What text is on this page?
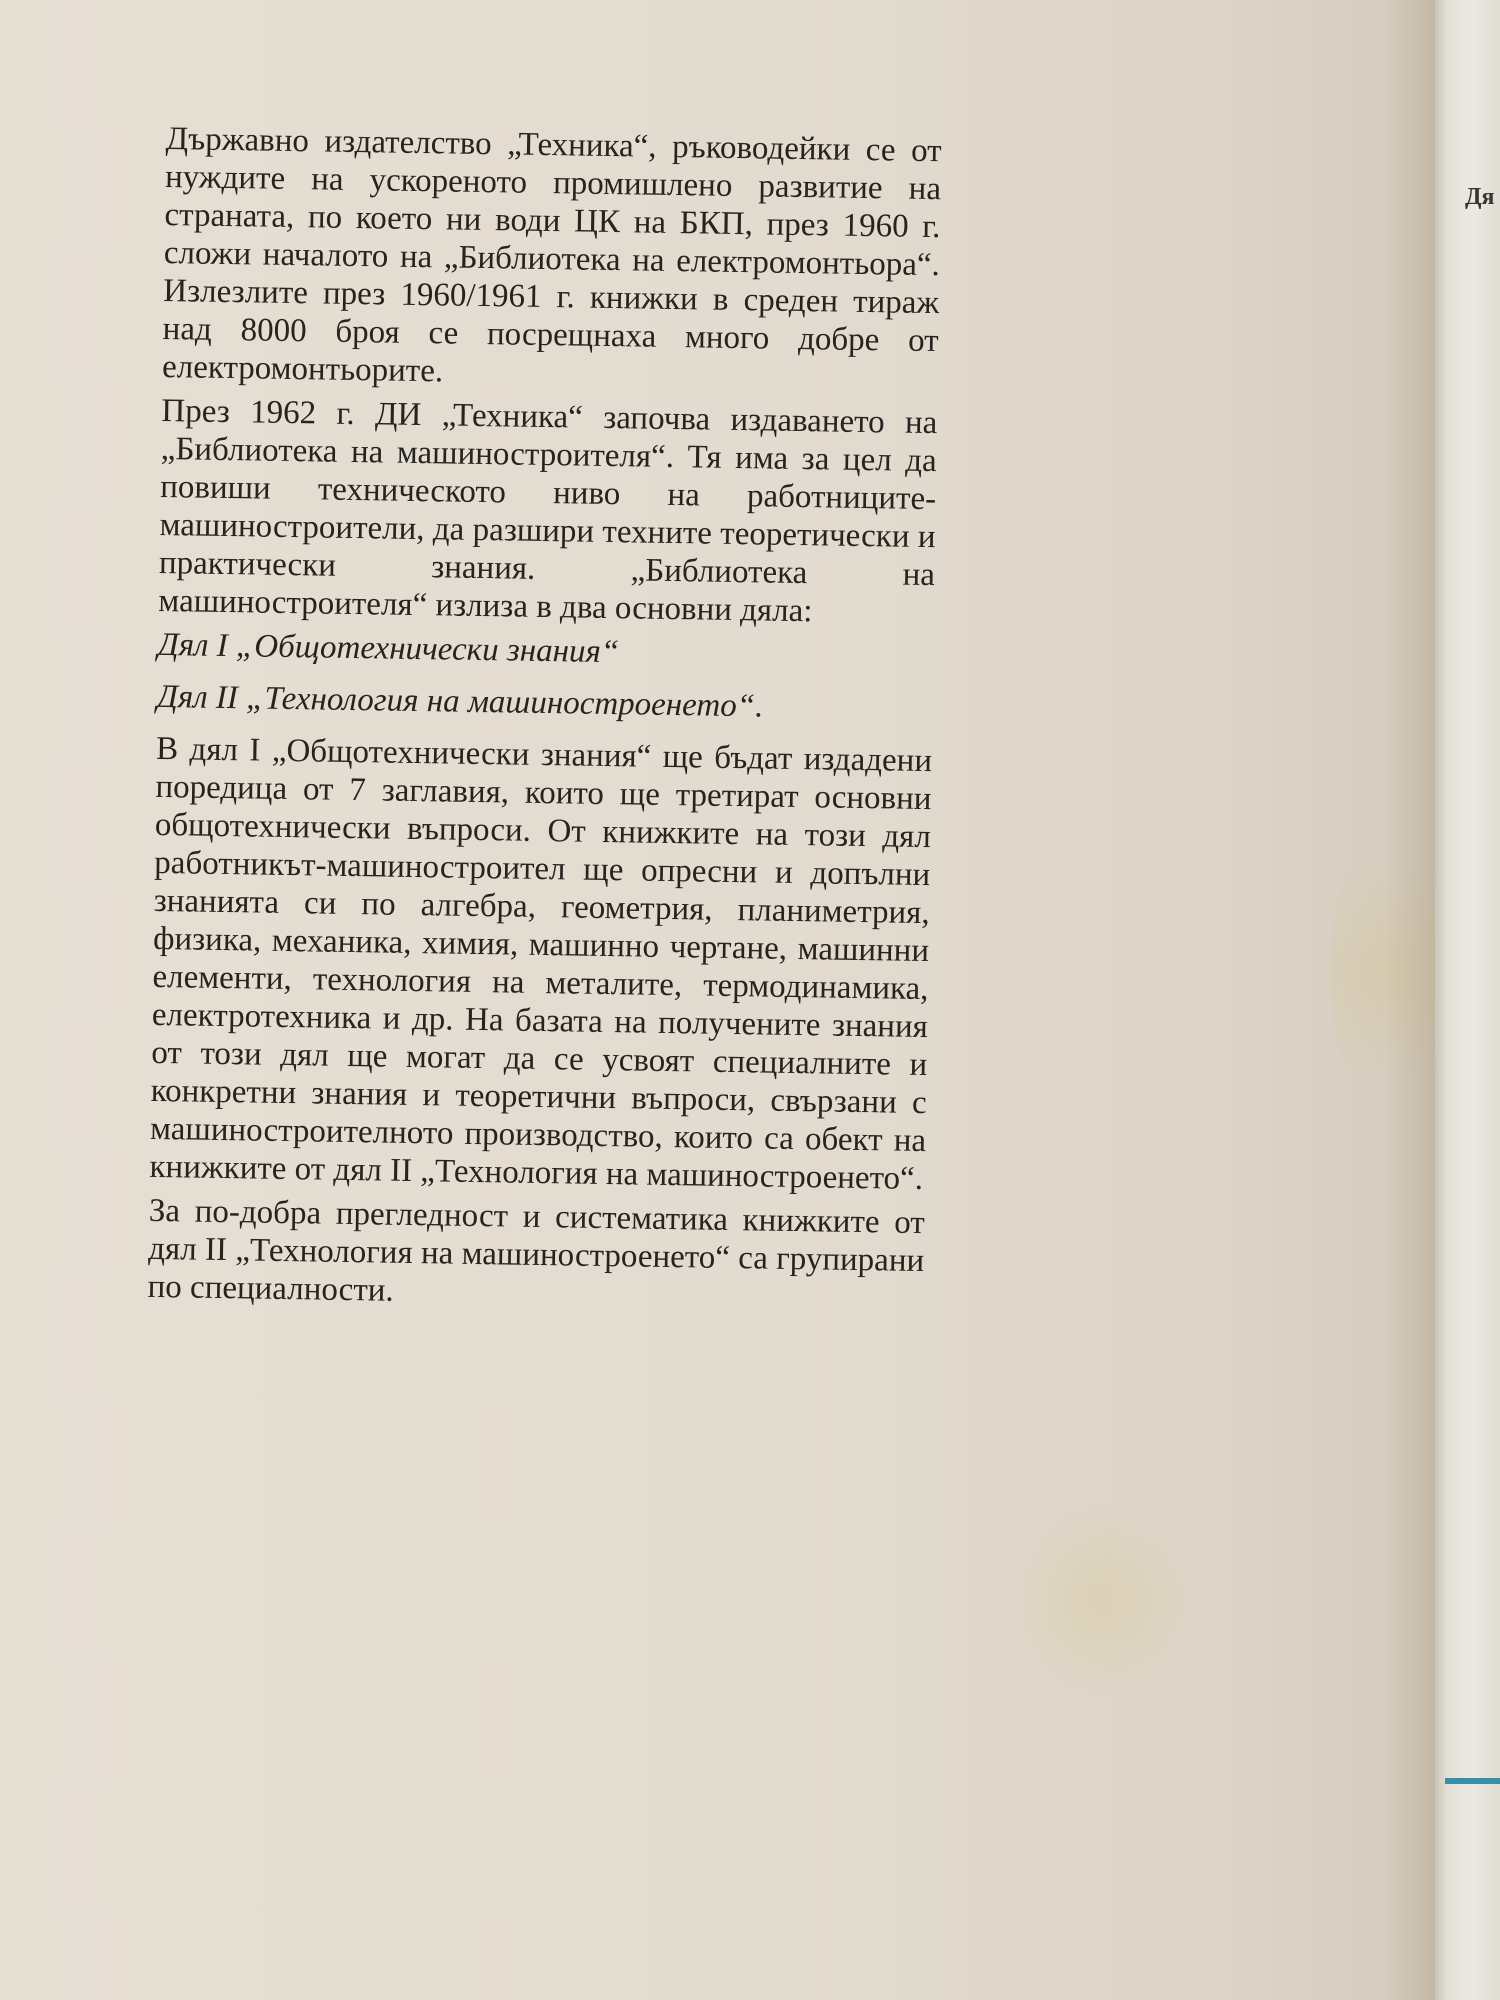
Държавно издателство „Техника“, ръководейки се от нуждите на ускореното промишлено развитие на страната, по което ни води ЦК на БКП, през 1960 г. сложи началото на „Библиотека на електромонтьора“. Излезлите през 1960/1961 г. книжки в среден тираж над 8000 броя се посрещнаха много добре от електромонтьорите.

През 1962 г. ДИ „Техника“ започва издаването на „Библиотека на машиностроителя“. Тя има за цел да повиши техническото ниво на работниците-машиностроители, да разшири техните теоретически и практически знания. „Библиотека на машиностроителя“ излиза в два основни дяла:

Дял I „Общотехнически знания“

Дял II „Технология на машиностроенето“.

В дял I „Общотехнически знания“ ще бъдат издадени поредица от 7 заглавия, които ще третират основни общотехнически въпроси. От книжките на този дял работникът-машиностроител ще опресни и допълни знанията си по алгебра, геометрия, планиметрия, физика, механика, химия, машинно чертане, машинни елементи, технология на металите, термодинамика, електротехника и др. На базата на получените знания от този дял ще могат да се усвоят специалните и конкретни знания и теоретични въпроси, свързани с машиностроителното производство, които са обект на книжките от дял II „Технология на машиностроенето“.

За по-добра прегледност и систематика книжките от дял II „Технология на машиностроенето“ са групирани по специалности.

Дя
